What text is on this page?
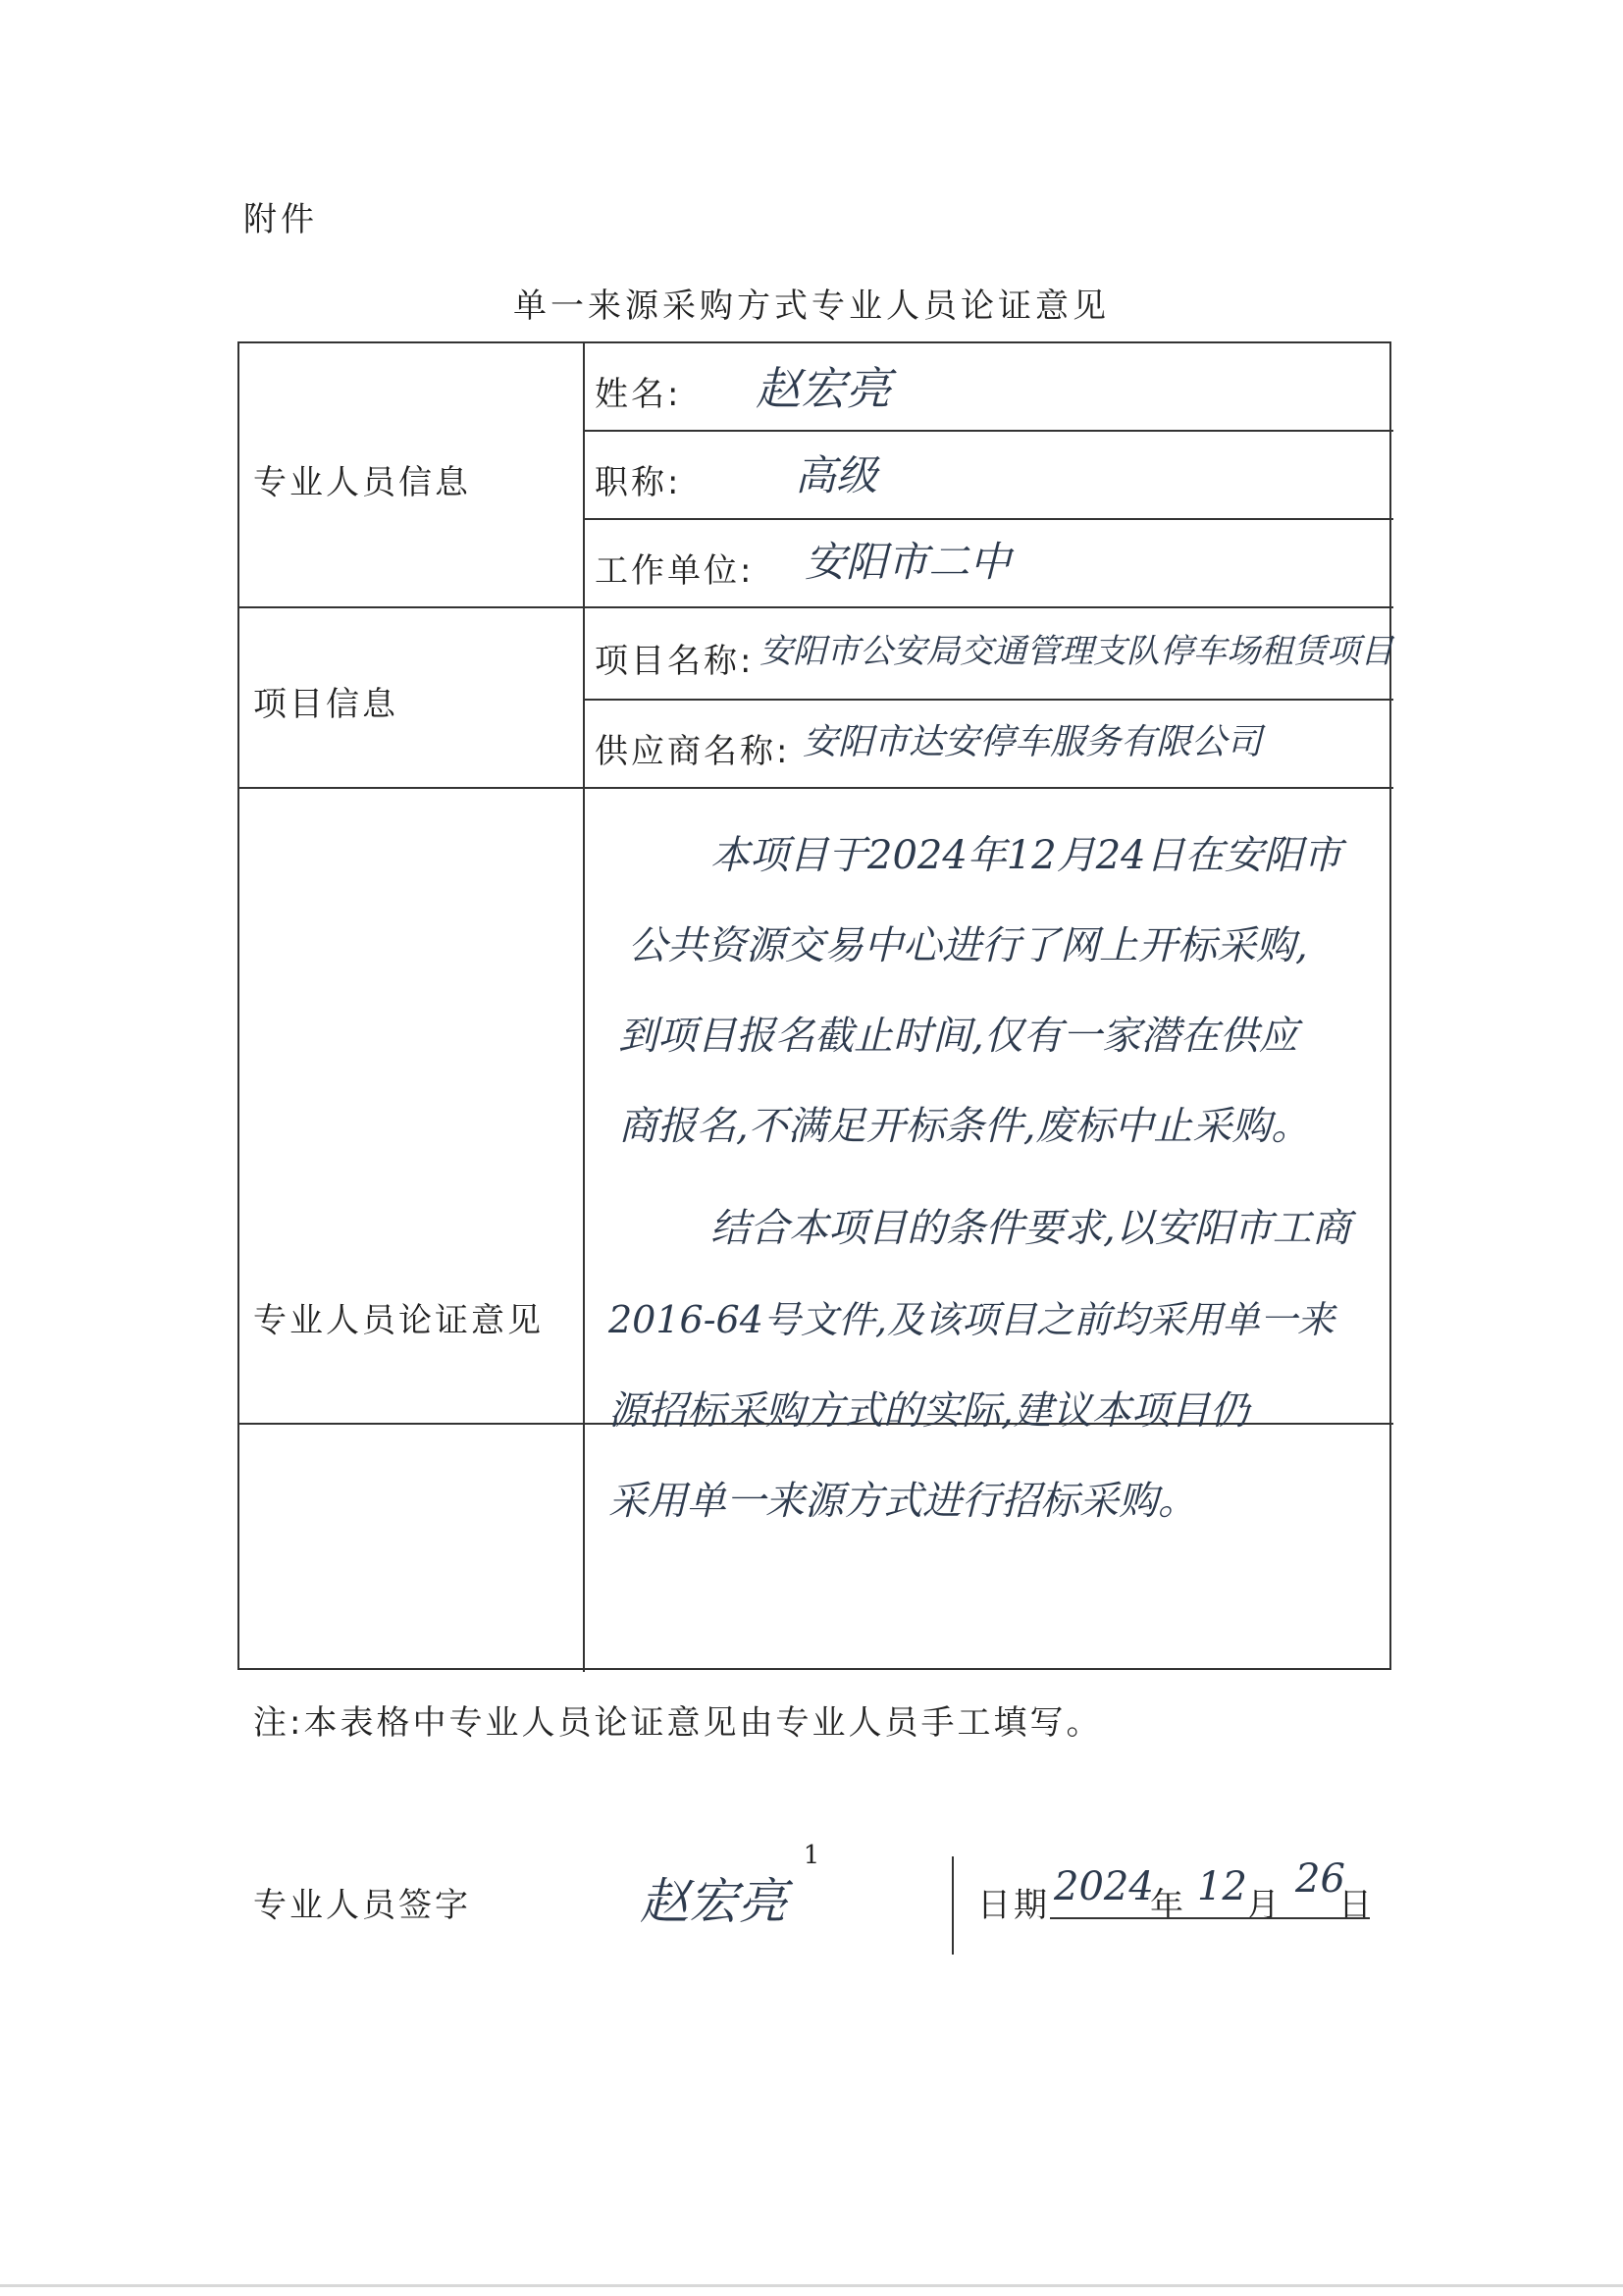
附件
单一来源采购方式专业人员论证意见
专业人员信息
姓名: 赵宏亮
职称:	高级
工作单位: 安阳市二中
项目信息
项目名称: 安阳市公安局交通管理支队停车场租赁项目
供应商名称: 安阳市达安停车服务有限公司
专业人员论证意见
本项目于2024年12月24日在安阳市
公共资源交易中心进行了网上开标采购,
到项目报名截止时间,仅有一家潜在供应
商报名,不满足开标条件,废标中止采购。
结合本项目的条件要求,以安阳市工商
2016-64号文件,及该项目之前均采用单一来
源招标采购方式的实际,建议本项目仍
采用单一来源方式进行招标采购。
专业人员签字	赵宏亮	日期 2024
年 12 月
26
日
注:本表格中专业人员论证意见由专业人员手工填写。
1
